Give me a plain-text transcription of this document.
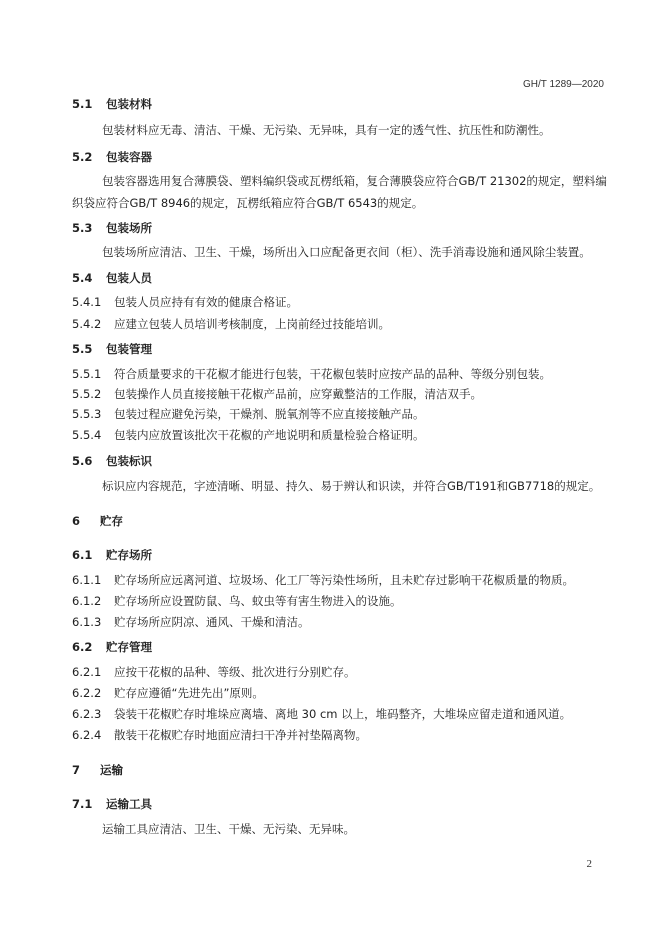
GH/T 1289—2020
5.1 包装材料
包装材料应无毒、清洁、干燥、无污染、无异味，具有一定的透气性、抗压性和防潮性。
5.2 包装容器
包装容器选用复合薄膜袋、塑料编织袋或瓦楞纸箱，复合薄膜袋应符合GB/T 21302的规定，塑料编
织袋应符合GB/T 8946的规定，瓦楞纸箱应符合GB/T 6543的规定。
5.3 包装场所
包装场所应清洁、卫生、干燥，场所出入口应配备更衣间（柜）、洗手消毒设施和通风除尘装置。
5.4 包装人员
5.4.1 包装人员应持有有效的健康合格证。
5.4.2 应建立包装人员培训考核制度，上岗前经过技能培训。
5.5 包装管理
5.5.1 符合质量要求的干花椒才能进行包装，干花椒包装时应按产品的品种、等级分别包装。
5.5.2 包装操作人员直接接触干花椒产品前，应穿戴整洁的工作服，清洁双手。
5.5.3 包装过程应避免污染，干燥剂、脱氧剂等不应直接接触产品。
5.5.4 包装内应放置该批次干花椒的产地说明和质量检验合格证明。
5.6 包装标识
标识应内容规范，字迹清晰、明显、持久、易于辨认和识读，并符合GB/T191和GB7718的规定。
6 贮存
6.1 贮存场所
6.1.1 贮存场所应远离河道、垃圾场、化工厂等污染性场所，且未贮存过影响干花椒质量的物质。
6.1.2 贮存场所应设置防鼠、鸟、蚊虫等有害生物进入的设施。
6.1.3 贮存场所应阴凉、通风、干燥和清洁。
6.2 贮存管理
6.2.1 应按干花椒的品种、等级、批次进行分别贮存。
6.2.2 贮存应遵循“先进先出”原则。
6.2.3 袋装干花椒贮存时堆垛应离墙、离地 30 cm 以上，堆码整齐，大堆垛应留走道和通风道。
6.2.4 散装干花椒贮存时地面应清扫干净并衬垫隔离物。
7 运输
7.1 运输工具
运输工具应清洁、卫生、干燥、无污染、无异味。
2
